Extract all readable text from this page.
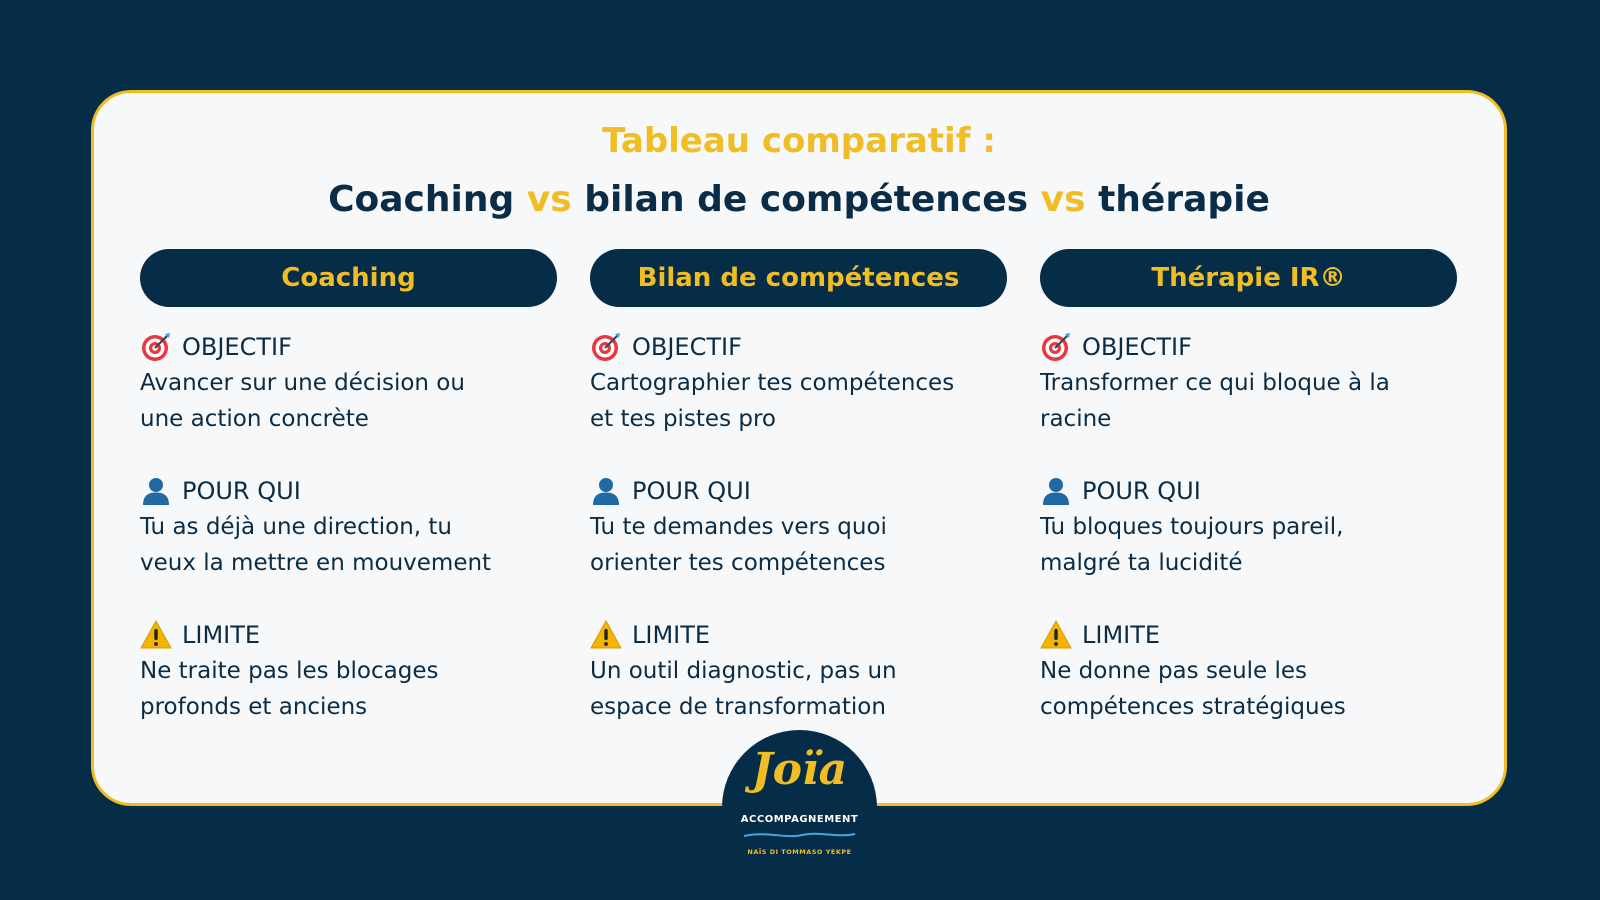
Tableau comparatif :
Coaching vs bilan de compétences vs thérapie
Coaching
OBJECTIF

Avancer sur une décision ou
une action concrète

POUR QUI

Tu as déjà une direction, tu
veux la mettre en mouvement

LIMITE

Ne traite pas les blocages
profonds et anciens

Bilan de compétences
OBJECTIF

Cartographier tes compétences
et tes pistes pro

POUR QUI

Tu te demandes vers quoi
orienter tes compétences

LIMITE

Un outil diagnostic, pas un
espace de transformation

Thérapie IR®
OBJECTIF

Transformer ce qui bloque à la
racine

POUR QUI

Tu bloques toujours pareil,
malgré ta lucidité

LIMITE

Ne donne pas seule les
compétences stratégiques

Joïa
ACCOMPAGNEMENT
NAÏS DI TOMMASO YEKPE
